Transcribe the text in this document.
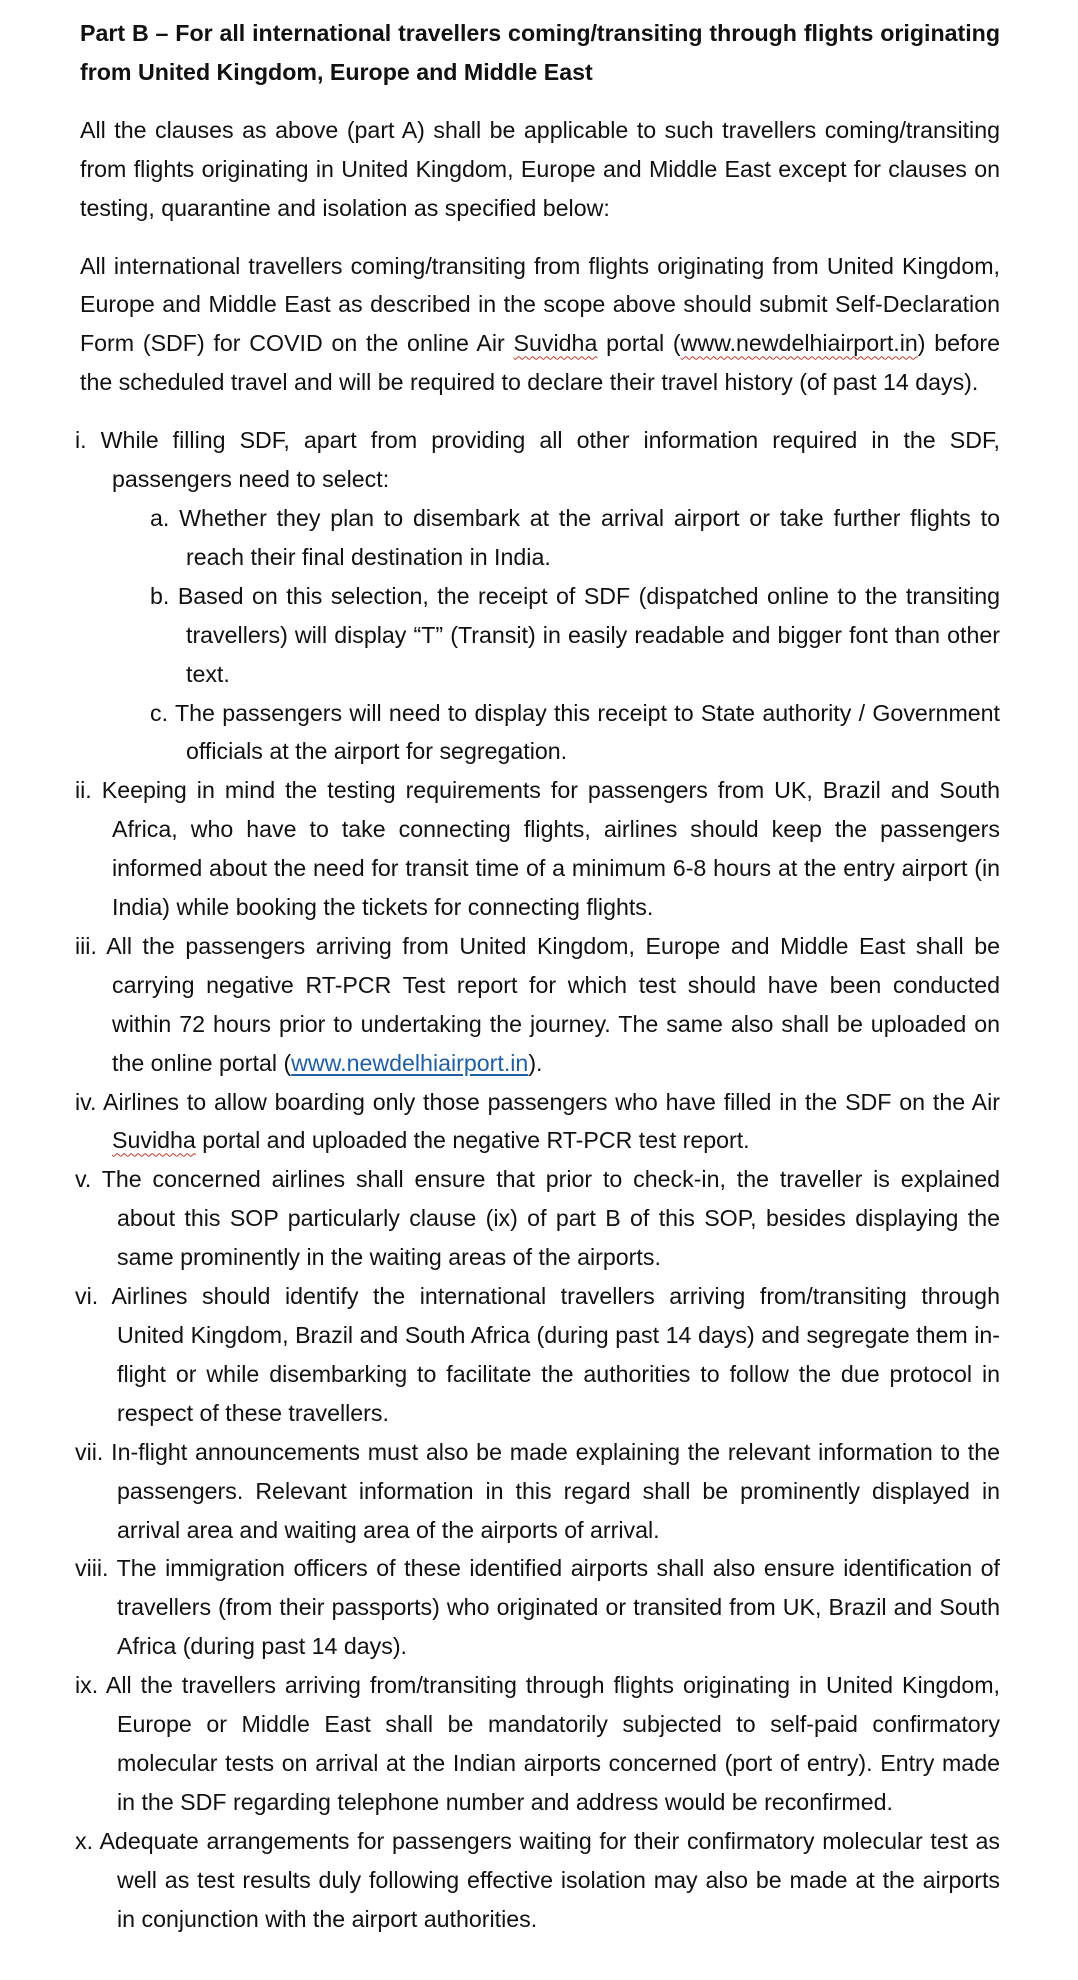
Part B – For all international travellers coming/transiting through flights originating from United Kingdom, Europe and Middle East
All the clauses as above (part A) shall be applicable to such travellers coming/transiting from flights originating in United Kingdom, Europe and Middle East except for clauses on testing, quarantine and isolation as specified below:
All international travellers coming/transiting from flights originating from United Kingdom, Europe and Middle East as described in the scope above should submit Self-Declaration Form (SDF) for COVID on the online Air Suvidha portal (www.newdelhiairport.in) before the scheduled travel and will be required to declare their travel history (of past 14 days).
i. While filling SDF, apart from providing all other information required in the SDF, passengers need to select:
a. Whether they plan to disembark at the arrival airport or take further flights to reach their final destination in India.
b. Based on this selection, the receipt of SDF (dispatched online to the transiting travellers) will display “T” (Transit) in easily readable and bigger font than other text.
c. The passengers will need to display this receipt to State authority / Government officials at the airport for segregation.
ii. Keeping in mind the testing requirements for passengers from UK, Brazil and South Africa, who have to take connecting flights, airlines should keep the passengers informed about the need for transit time of a minimum 6-8 hours at the entry airport (in India) while booking the tickets for connecting flights.
iii. All the passengers arriving from United Kingdom, Europe and Middle East shall be carrying negative RT-PCR Test report for which test should have been conducted within 72 hours prior to undertaking the journey. The same also shall be uploaded on the online portal (www.newdelhiairport.in).
iv. Airlines to allow boarding only those passengers who have filled in the SDF on the Air Suvidha portal and uploaded the negative RT-PCR test report.
v. The concerned airlines shall ensure that prior to check-in, the traveller is explained about this SOP particularly clause (ix) of part B of this SOP, besides displaying the same prominently in the waiting areas of the airports.
vi. Airlines should identify the international travellers arriving from/transiting through United Kingdom, Brazil and South Africa (during past 14 days) and segregate them in-flight or while disembarking to facilitate the authorities to follow the due protocol in respect of these travellers.
vii. In-flight announcements must also be made explaining the relevant information to the passengers. Relevant information in this regard shall be prominently displayed in arrival area and waiting area of the airports of arrival.
viii. The immigration officers of these identified airports shall also ensure identification of travellers (from their passports) who originated or transited from UK, Brazil and South Africa (during past 14 days).
ix. All the travellers arriving from/transiting through flights originating in United Kingdom, Europe or Middle East shall be mandatorily subjected to self-paid confirmatory molecular tests on arrival at the Indian airports concerned (port of entry). Entry made in the SDF regarding telephone number and address would be reconfirmed.
x. Adequate arrangements for passengers waiting for their confirmatory molecular test as well as test results duly following effective isolation may also be made at the airports in conjunction with the airport authorities.
